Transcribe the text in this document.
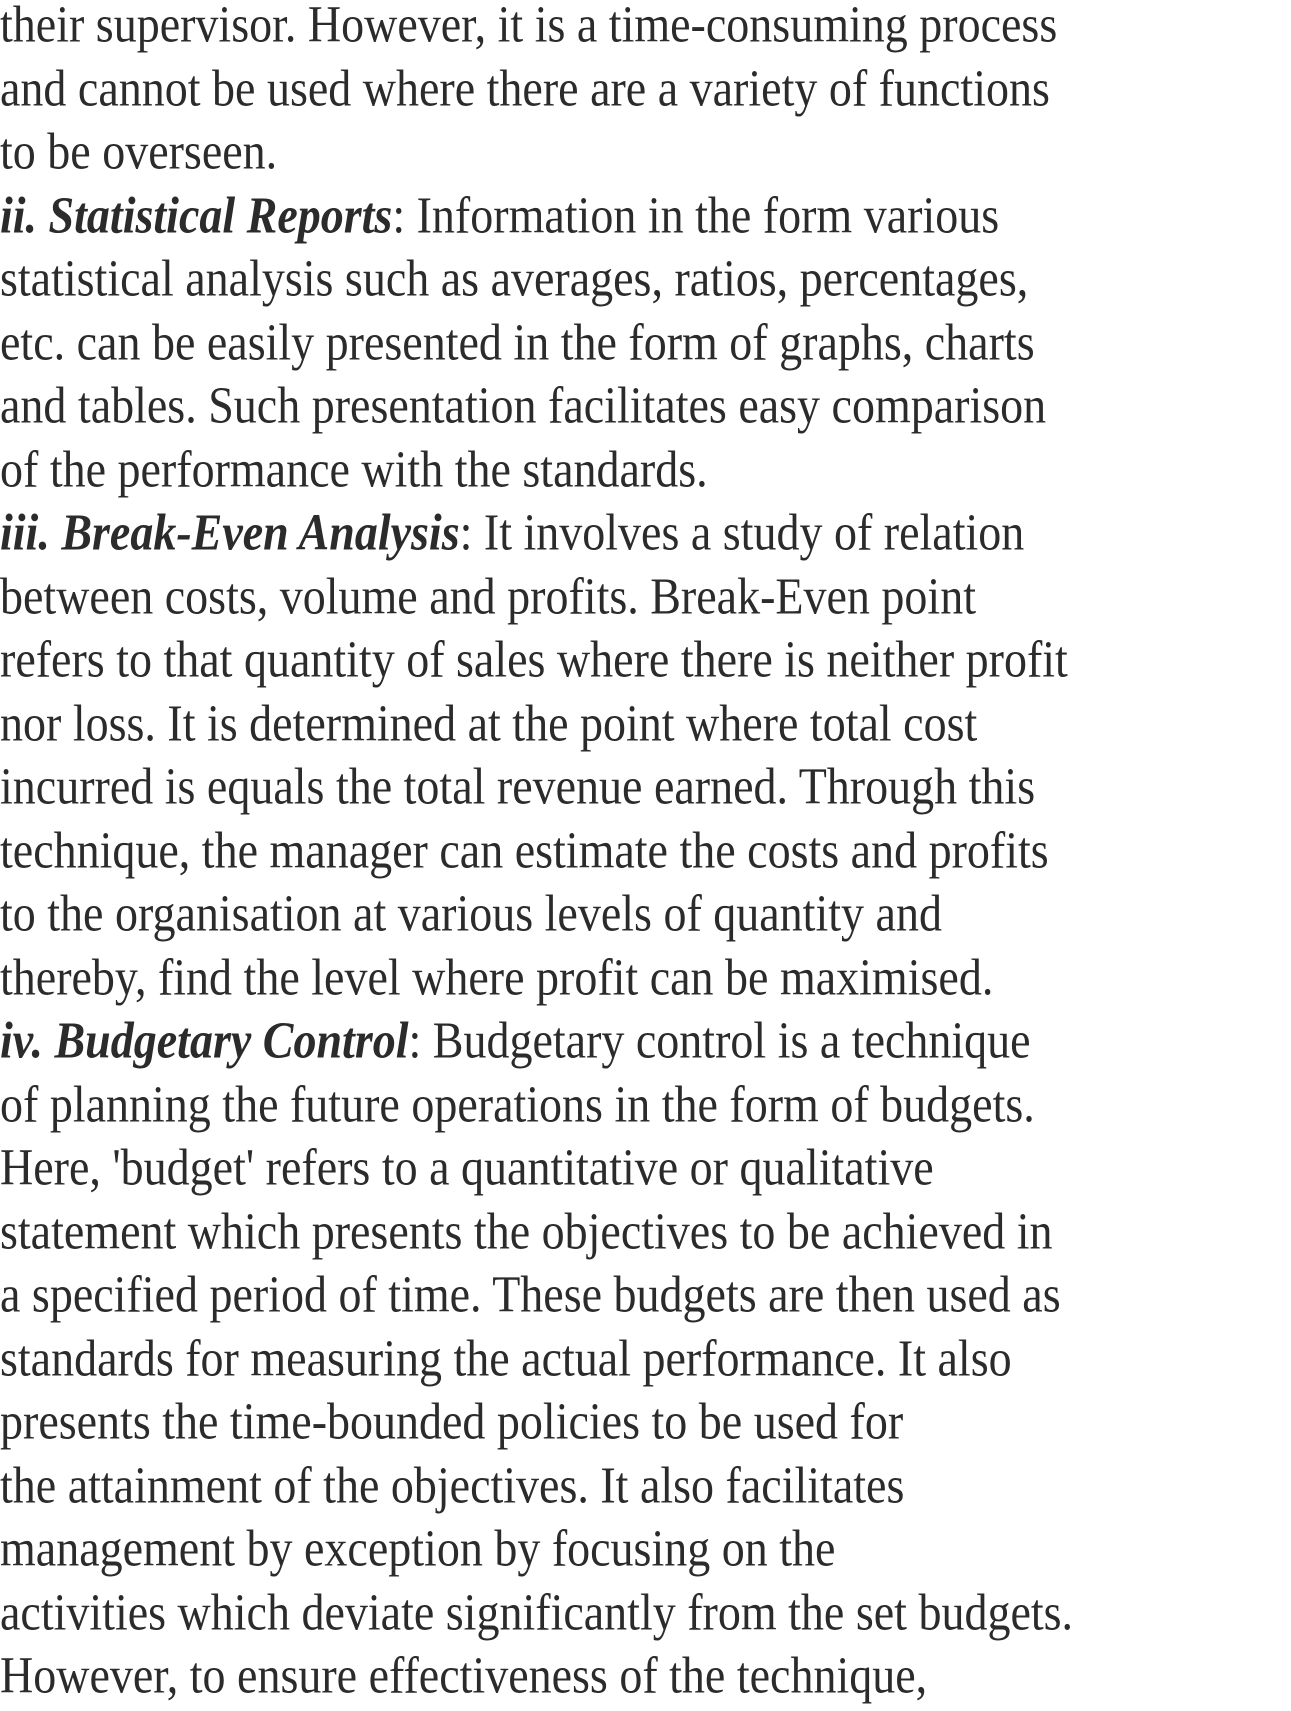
their supervisor. However, it is a time-consuming process
and cannot be used where there are a variety of functions
to be overseen.
ii. Statistical Reports: Information in the form various
statistical analysis such as averages, ratios, percentages,
etc. can be easily presented in the form of graphs, charts
and tables. Such presentation facilitates easy comparison
of the performance with the standards.
iii. Break-Even Analysis: It involves a study of relation
between costs, volume and profits. Break-Even point
refers to that quantity of sales where there is neither profit
nor loss. It is determined at the point where total cost
incurred is equals the total revenue earned. Through this
technique, the manager can estimate the costs and profits
to the organisation at various levels of quantity and
thereby, find the level where profit can be maximised.
iv. Budgetary Control: Budgetary control is a technique
of planning the future operations in the form of budgets.
Here, 'budget' refers to a quantitative or qualitative
statement which presents the objectives to be achieved in
a specified period of time. These budgets are then used as
standards for measuring the actual performance. It also
presents the time-bounded policies to be used for
the attainment of the objectives. It also facilitates
management by exception by focusing on the
activities which deviate significantly from the set budgets.
However, to ensure effectiveness of the technique,
